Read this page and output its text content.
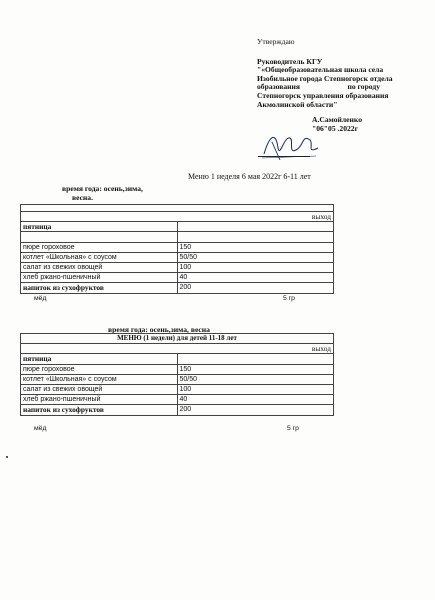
Утверждаю
Руководитель КГУ
"«Общеобразовательная школа села
Изобильное города Степногорск отдела
образования                         по городу
Степногорск управления образования
Акмолинской области"
А.Самойленко
"06"05 .2022г
Меню 1 неделя 6 мая 2022г 6-11 лет
время года: осень,зима,
весна.

выход	
пятница	

пюре гороховое	150
котлет «Школьная» с соусом	50/50
салат из свежих овощей	100
хлеб ржано-пшеничный	40
напиток из сухофруктов	200
мёд	5 гр
время года: осень,зима, весна
МЕНЮ (1 недели) для детей 11-18 лет	
выход	
пятница	
пюре гороховое	150
котлет «Школьная» с соусом	50/50
салат из свежих овощей	100
хлеб ржано-пшеничный	40
напиток из сухофруктов	200
мёд	5 гр
